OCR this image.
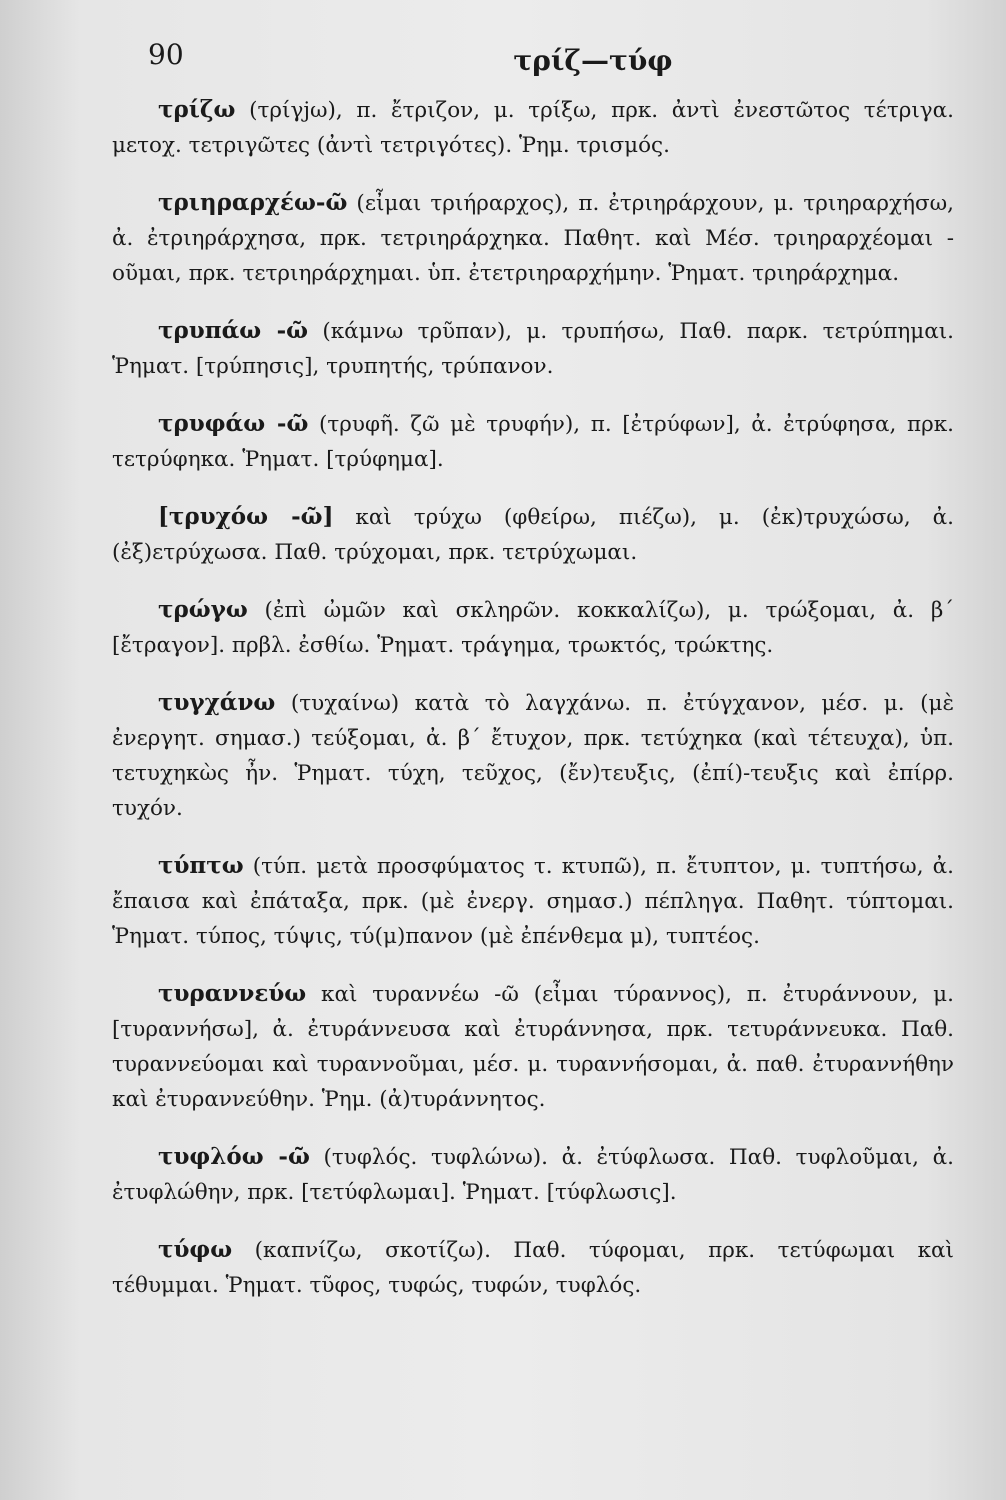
90	τρίζ—τύφ

τρίζω (τρίγjω), π. ἔτριζον, μ. τρίξω, πρκ. ἀντὶ ἐνεστῶτος τέτριγα. μετοχ. τετριγῶτες (ἀντὶ τετριγότες). Ῥημ. τρισμός.

τριηραρχέω-ῶ (εἶμαι τριήραρχος), π. ἐτριηράρχουν, μ. τριηραρχήσω, ἀ. ἐτριηράρχησα, πρκ. τετριηράρχηκα. Παθητ. καὶ Μέσ. τριηραρχέομαι - οῦμαι, πρκ. τετριηράρχημαι. ὑπ. ἐτετριηραρχήμην. Ῥηματ. τριηράρχημα.

τρυπάω -ῶ (κάμνω τρῦπαν), μ. τρυπήσω, Παθ. παρκ. τετρύπημαι. Ῥηματ. [τρύπησις], τρυπητής, τρύπανον.

τρυφάω -ῶ (τρυφῆ. ζῶ μὲ τρυφήν), π. [ἐτρύφων], ἀ. ἐτρύφησα, πρκ. τετρύφηκα. Ῥηματ. [τρύφημα].

[τρυχόω -ῶ] καὶ τρύχω (φθείρω, πιέζω), μ. (ἐκ)τρυχώσω, ἀ. (ἐξ)ετρύχωσα. Παθ. τρύχομαι, πρκ. τετρύχωμαι.

τρώγω (ἐπὶ ὠμῶν καὶ σκληρῶν. κοκκαλίζω), μ. τρώξομαι, ἀ. β΄ [ἔτραγον]. πρβλ. ἐσθίω. Ῥηματ. τράγημα, τρωκτός, τρώκτης.

τυγχάνω (τυχαίνω) κατὰ τὸ λαγχάνω. π. ἐτύγχανον, μέσ. μ. (μὲ ἐνεργητ. σημασ.) τεύξομαι, ἀ. β΄ ἔτυχον, πρκ. τετύχηκα (καὶ τέτευχα), ὑπ. τετυχηκὼς ἦν. Ῥηματ. τύχη, τεῦχος, (ἔν)τευξις, (ἐπί)-τευξις καὶ ἐπίρρ. τυχόν.

τύπτω (τύπ. μετὰ προσφύματος τ. κτυπῶ), π. ἔτυπτον, μ. τυπτήσω, ἀ. ἔπαισα καὶ ἐπάταξα, πρκ. (μὲ ἐνεργ. σημασ.) πέπληγα. Παθητ. τύπτομαι. Ῥηματ. τύπος, τύψις, τύ(μ)πανον (μὲ ἐπένθεμα μ), τυπτέος.

τυραννεύω καὶ τυραννέω -ῶ (εἶμαι τύραννος), π. ἐτυράννουν, μ. [τυραννήσω], ἀ. ἐτυράννευσα καὶ ἐτυράννησα, πρκ. τετυράννευκα. Παθ. τυραννεύομαι καὶ τυραννοῦμαι, μέσ. μ. τυραννήσομαι, ἀ. παθ. ἐτυραννήθην καὶ ἐτυραννεύθην. Ῥημ. (ἀ)τυράννητος.

τυφλόω -ῶ (τυφλός. τυφλώνω). ἀ. ἐτύφλωσα. Παθ. τυφλοῦμαι, ἀ. ἐτυφλώθην, πρκ. [τετύφλωμαι]. Ῥηματ. [τύφλωσις].

τύφω (καπνίζω, σκοτίζω). Παθ. τύφομαι, πρκ. τετύφωμαι καὶ τέθυμμαι. Ῥηματ. τῦφος, τυφώς, τυφών, τυφλός.
